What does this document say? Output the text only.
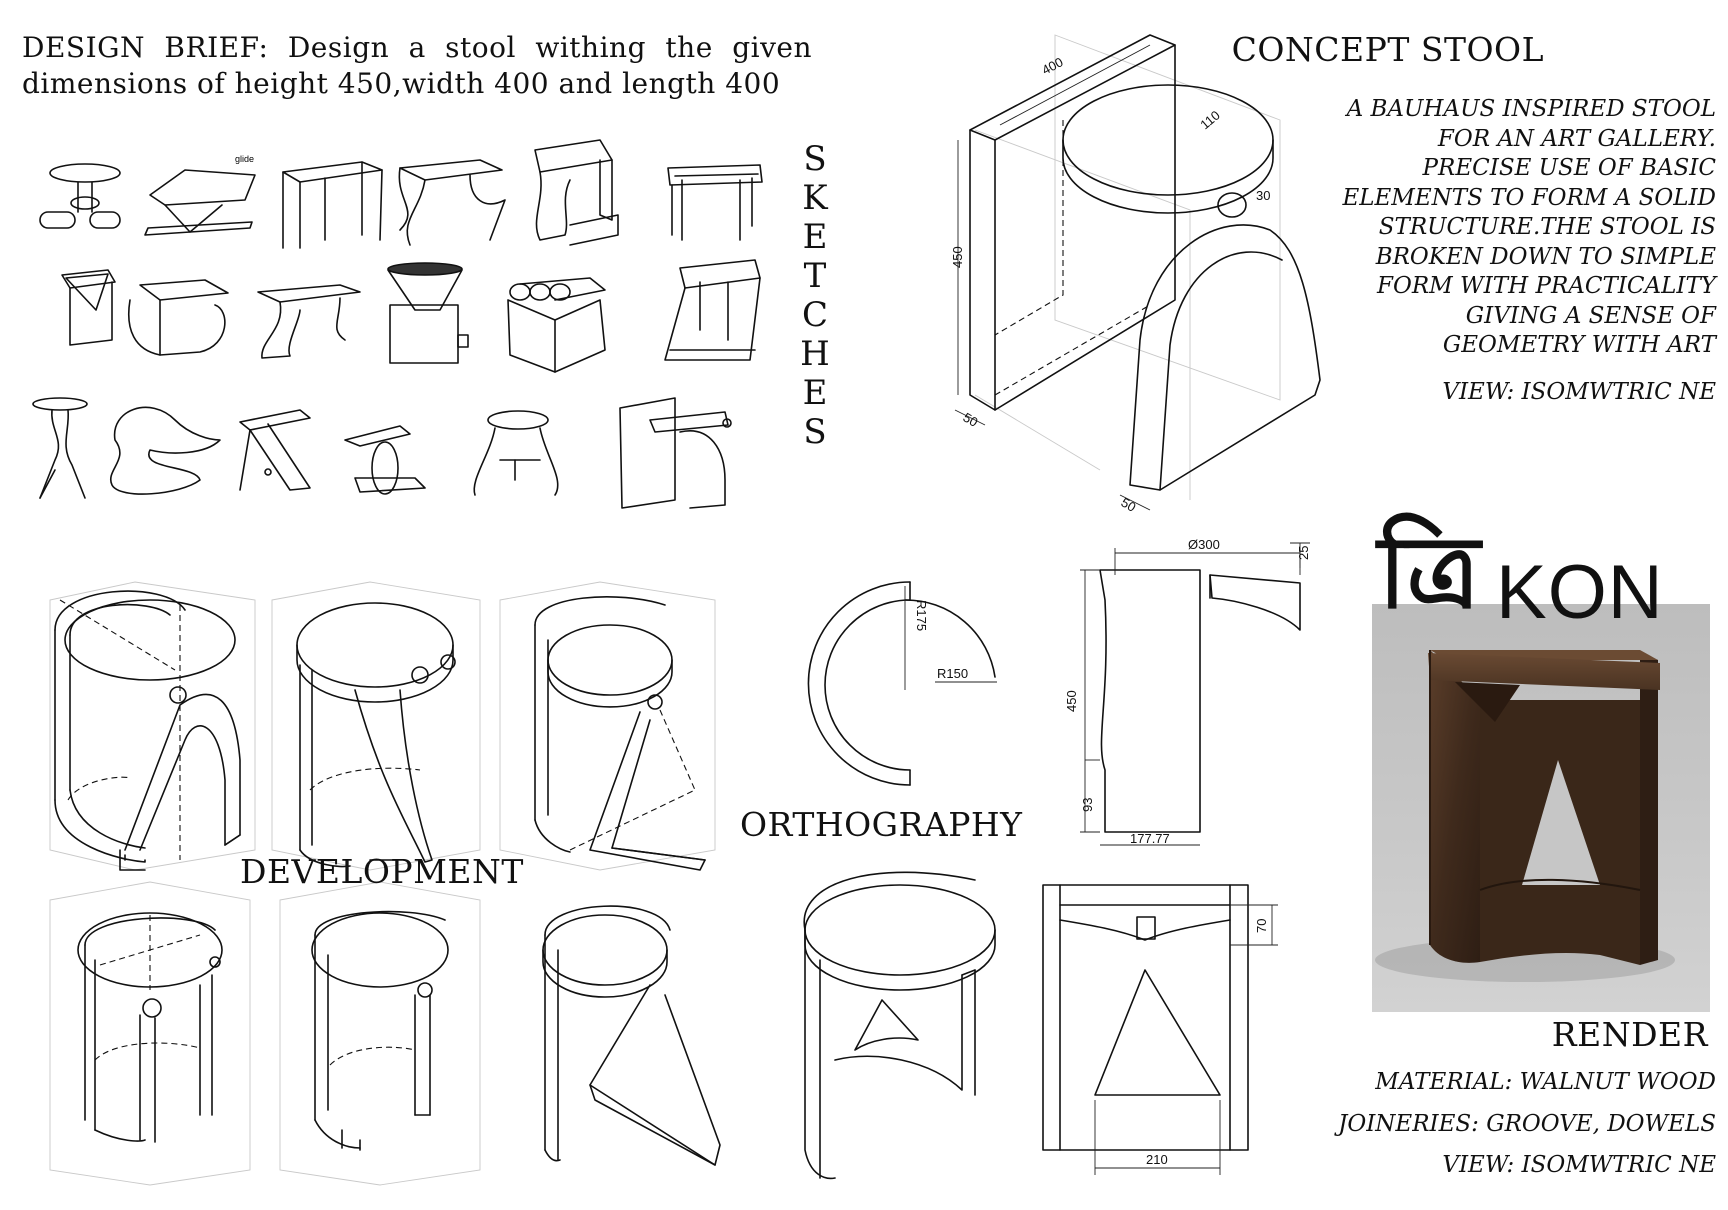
DESIGN BRIEF: Design a stool withing the given dimensions of height 450,width 400 and length 400
glide	S
K
E
T
C
H
E
S
400
110
30
450
50
50
CONCEPT STOOL
A BAUHAUS INSPIRED STOOL
FOR AN ART GALLERY.
PRECISE USE OF BASIC
ELEMENTS TO FORM A SOLID
STRUCTURE.THE STOOL IS
BROKEN DOWN TO SIMPLE
FORM WITH PRACTICALITY
GIVING A SENSE OF
GEOMETRY WITH ART
VIEW: ISOMWTRIC NE
DEVELOPMENT
R175
R150
Ø300
25
450
93
177.77
210
70
ORTHOGRAPHY
ত্রি KON
RENDER
MATERIAL: WALNUT WOOD
JOINERIES: GROOVE, DOWELS
VIEW: ISOMWTRIC NE
